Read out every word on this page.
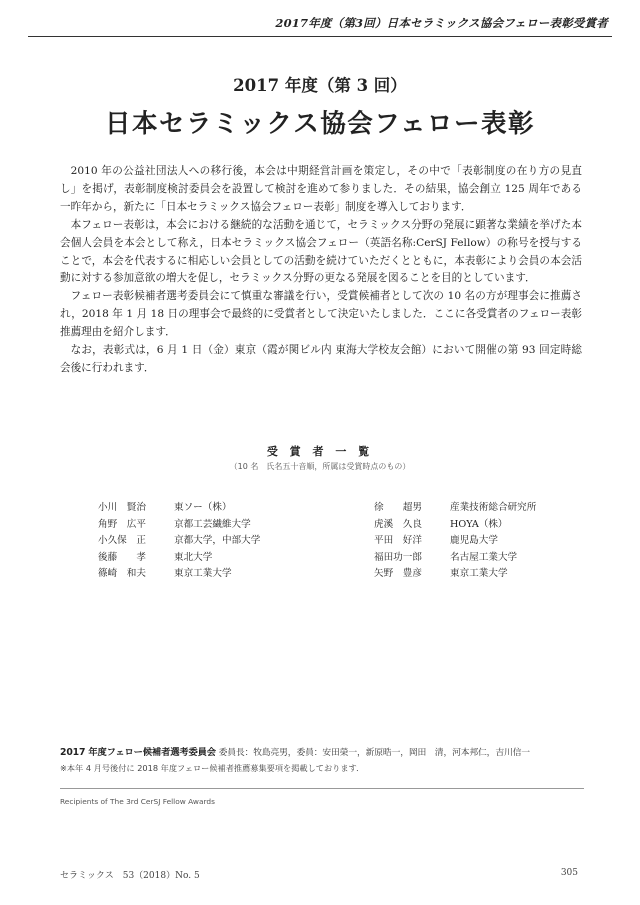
2017年度（第3回）日本セラミックス協会フェロー表彰受賞者
2017 年度（第 3 回）
日本セラミックス協会フェロー表彰

2010 年の公益社団法人への移行後，本会は中期経営計画を策定し，その中で「表彰制度の在り方の見直し」を掲げ，表彰制度検討委員会を設置して検討を進めて参りました．その結果，協会創立 125 周年である一昨年から，新たに「日本セラミックス協会フェロー表彰」制度を導入しております．

本フェロー表彰は，本会における継続的な活動を通じて，セラミックス分野の発展に顕著な業績を挙げた本会個人会員を本会として称え，日本セラミックス協会フェロー（英語名称:CerSJ Fellow）の称号を授与することで，本会を代表するに相応しい会員としての活動を続けていただくとともに，本表彰により会員の本会活動に対する参加意欲の増大を促し，セラミックス分野の更なる発展を図ることを目的としています．

フェロー表彰候補者選考委員会にて慎重な審議を行い，受賞候補者として次の 10 名の方が理事会に推薦され，2018 年 1 月 18 日の理事会で最終的に受賞者として決定いたしました．ここに各受賞者のフェロー表彰推薦理由を紹介します．

なお，表彰式は，6 月 1 日（金）東京（霞が関ビル内 東海大学校友会館）において開催の第 93 回定時総会後に行われます．

受 賞 者 一 覧
（10 名　氏名五十音順，所属は受賞時点のもの）
小川　賢治	東ソー（株）
角野　広平	京都工芸繊維大学
小久保　正	京都大学，中部大学
後藤　　孝	東北大学
篠崎　和夫	東京工業大学
徐　　超男	産業技術総合研究所
虎溪　久良	HOYA（株）
平田　好洋	鹿児島大学
福田功一郎	名古屋工業大学
矢野　豊彦	東京工業大学
2017 年度フェロー候補者選考委員会 委員長：牧島亮男，委員：安田榮一，新原晧一，岡田　清，河本邦仁，吉川信一
※本年 4 月号後付に 2018 年度フェロー候補者推薦募集要項を掲載しております．
Recipients of The 3rd CerSJ Fellow Awards
セラミックス　53（2018）No. 5	305
